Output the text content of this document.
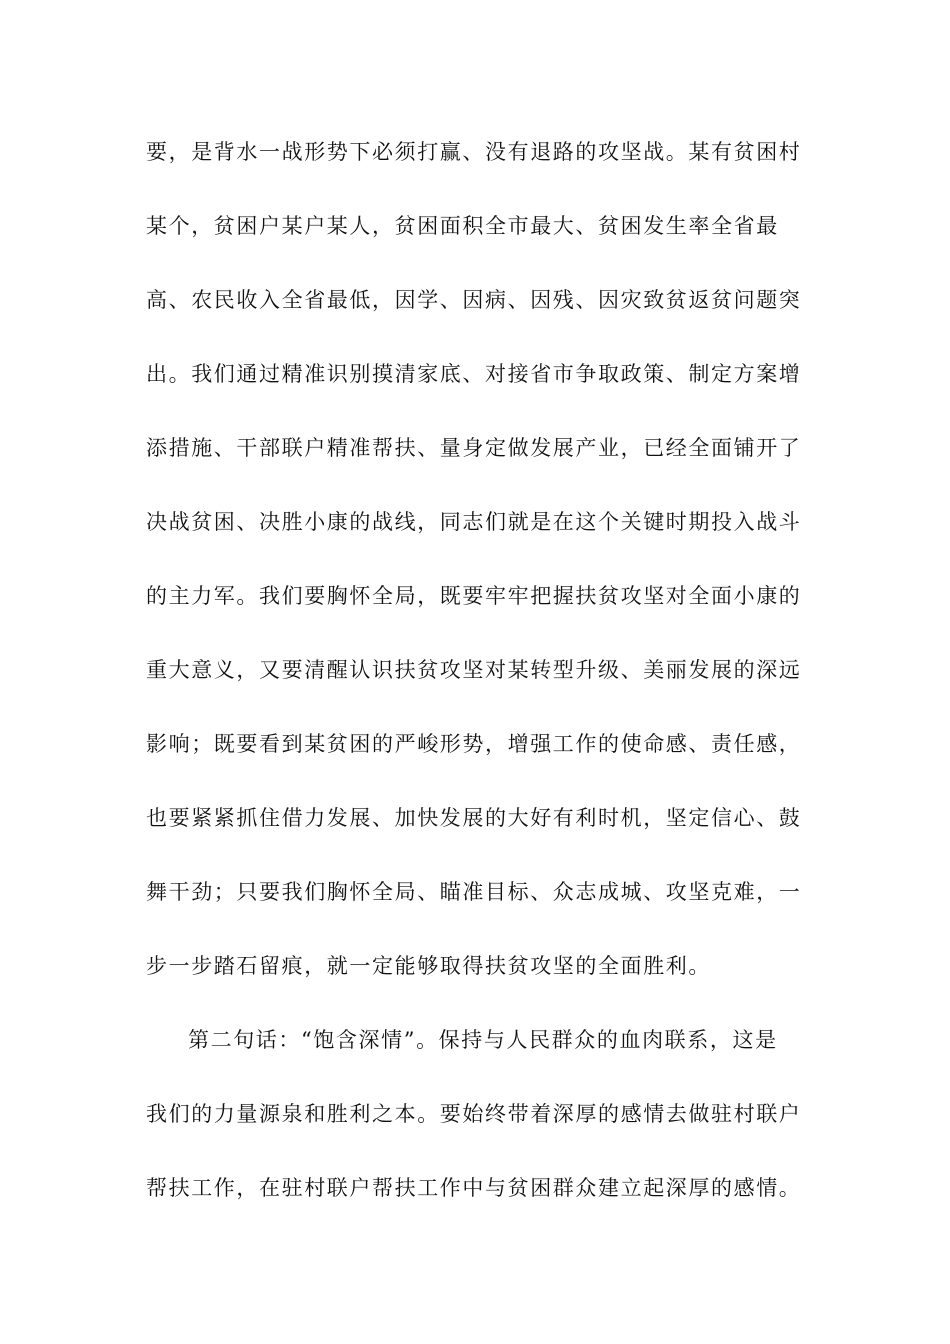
要，是背水一战形势下必须打赢、没有退路的攻坚战。某有贫困村
某个，贫困户某户某人，贫困面积全市最大、贫困发生率全省最
高、农民收入全省最低，因学、因病、因残、因灾致贫返贫问题突
出。我们通过精准识别摸清家底、对接省市争取政策、制定方案增
添措施、干部联户精准帮扶、量身定做发展产业，已经全面铺开了
决战贫困、决胜小康的战线，同志们就是在这个关键时期投入战斗
的主力军。我们要胸怀全局，既要牢牢把握扶贫攻坚对全面小康的
重大意义，又要清醒认识扶贫攻坚对某转型升级、美丽发展的深远
影响；既要看到某贫困的严峻形势，增强工作的使命感、责任感，
也要紧紧抓住借力发展、加快发展的大好有利时机，坚定信心、鼓
舞干劲；只要我们胸怀全局、瞄准目标、众志成城、攻坚克难，一
步一步踏石留痕，就一定能够取得扶贫攻坚的全面胜利。
第二句话：“饱含深情”。保持与人民群众的血肉联系，这是
我们的力量源泉和胜利之本。要始终带着深厚的感情去做驻村联户
帮扶工作，在驻村联户帮扶工作中与贫困群众建立起深厚的感情。
